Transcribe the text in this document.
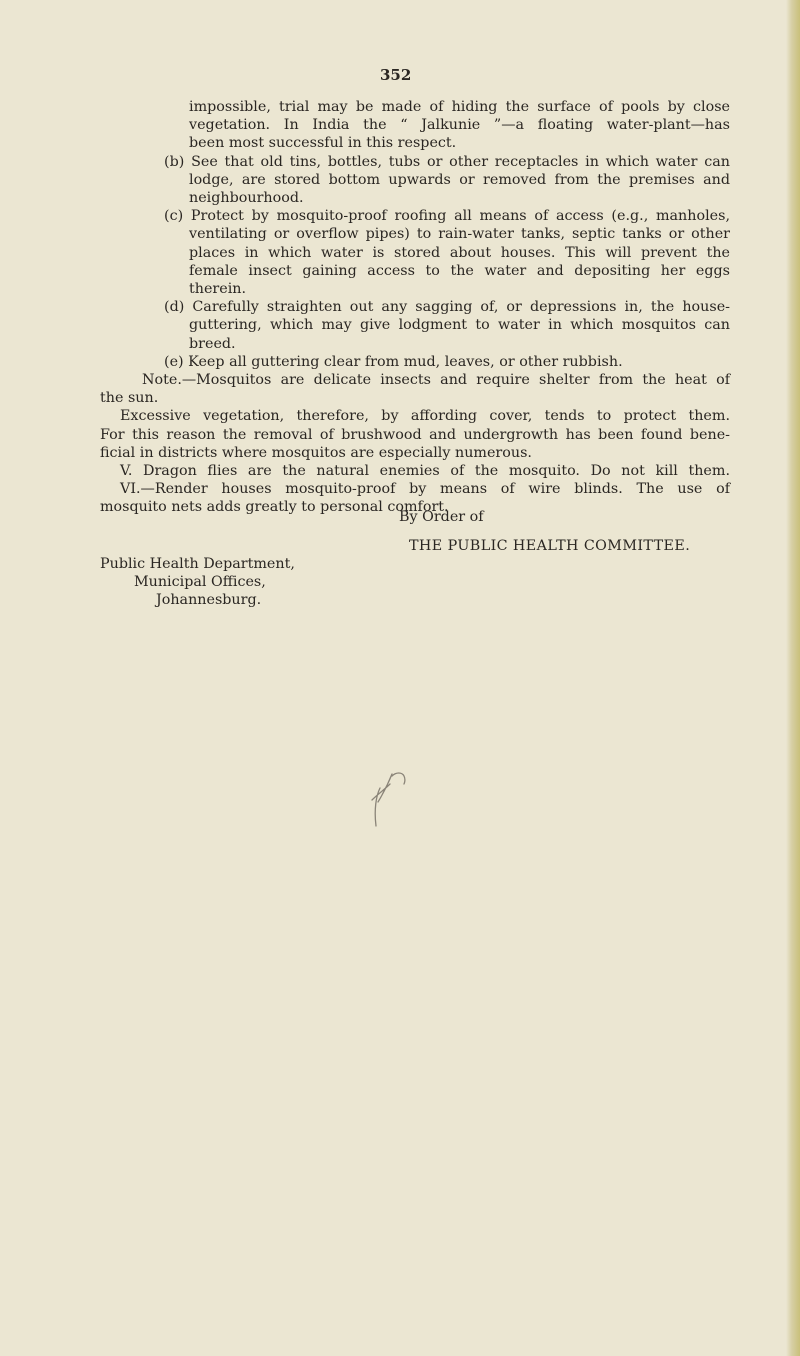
352
impossible, trial may be made of hiding the surface of pools by close
vegetation. In India the “ Jalkunie ”—a floating water-plant—has
been most successful in this respect.
(b) See that old tins, bottles, tubs or other receptacles in which water can
lodge, are stored bottom upwards or removed from the premises and
neighbourhood.
(c) Protect by mosquito-proof roofing all means of access (e.g., manholes,
ventilating or overflow pipes) to rain-water tanks, septic tanks or other
places in which water is stored about houses. This will prevent the
female insect gaining access to the water and depositing her eggs
therein.
(d) Carefully straighten out any sagging of, or depressions in, the house-
guttering, which may give lodgment to water in which mosquitos can
breed.
(e) Keep all guttering clear from mud, leaves, or other rubbish.
Note.—Mosquitos are delicate insects and require shelter from the heat of
the sun.
Excessive vegetation, therefore, by affording cover, tends to protect them.
For this reason the removal of brushwood and undergrowth has been found bene-
ficial in districts where mosquitos are especially numerous.
V. Dragon flies are the natural enemies of the mosquito. Do not kill them.
VI.—Render houses mosquito-proof by means of wire blinds. The use of
mosquito nets adds greatly to personal comfort.
By Order of
THE PUBLIC HEALTH COMMITTEE.
Public Health Department,
Municipal Offices,
Johannesburg.
